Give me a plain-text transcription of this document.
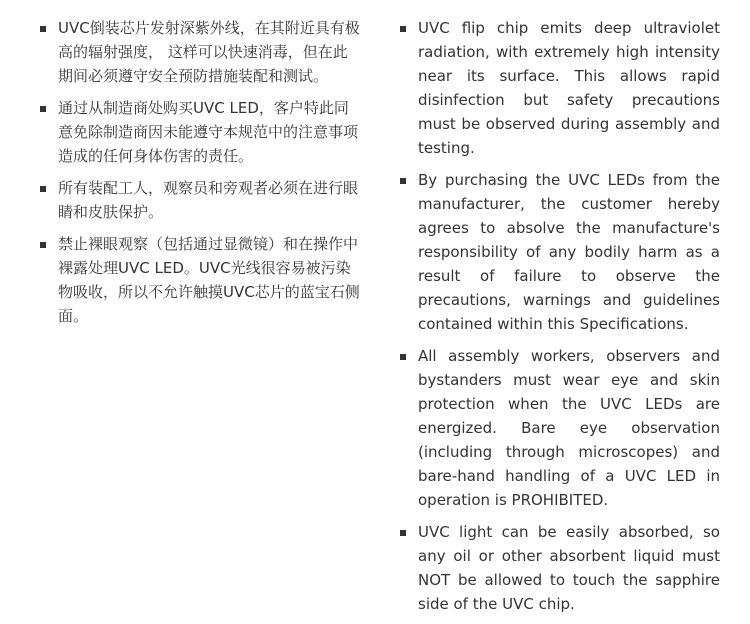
UVC倒装芯片发射深紫外线，在其附近具有极高的辐射强度， 这样可以快速消毒，但在此期间必须遵守安全预防措施装配和测试。
通过从制造商处购买UVC LED，客户特此同意免除制造商因未能遵守本规范中的注意事项造成的任何身体伤害的责任。
所有装配工人，观察员和旁观者必须在进行眼睛和皮肤保护。
禁止裸眼观察（包括通过显微镜）和在操作中裸露处理UVC LED。UVC光线很容易被污染物吸收，所以不允许触摸UVC芯片的蓝宝石侧面。
UVC flip chip emits deep ultraviolet radiation, with extremely high intensity near its surface. This allows rapid disinfection but safety precautions must be observed during assembly and testing.
By purchasing the UVC LEDs from the manufacturer, the customer hereby agrees to absolve the manufacture's responsibility of any bodily harm as a result of failure to observe the precautions, warnings and guidelines contained within this Specifications.
All assembly workers, observers and bystanders must wear eye and skin protection when the UVC LEDs are energized. Bare eye observation (including through microscopes) and bare-hand handling of a UVC LED in operation is PROHIBITED.
UVC light can be easily absorbed, so any oil or other absorbent liquid must NOT be allowed to touch the sapphire side of the UVC chip.
